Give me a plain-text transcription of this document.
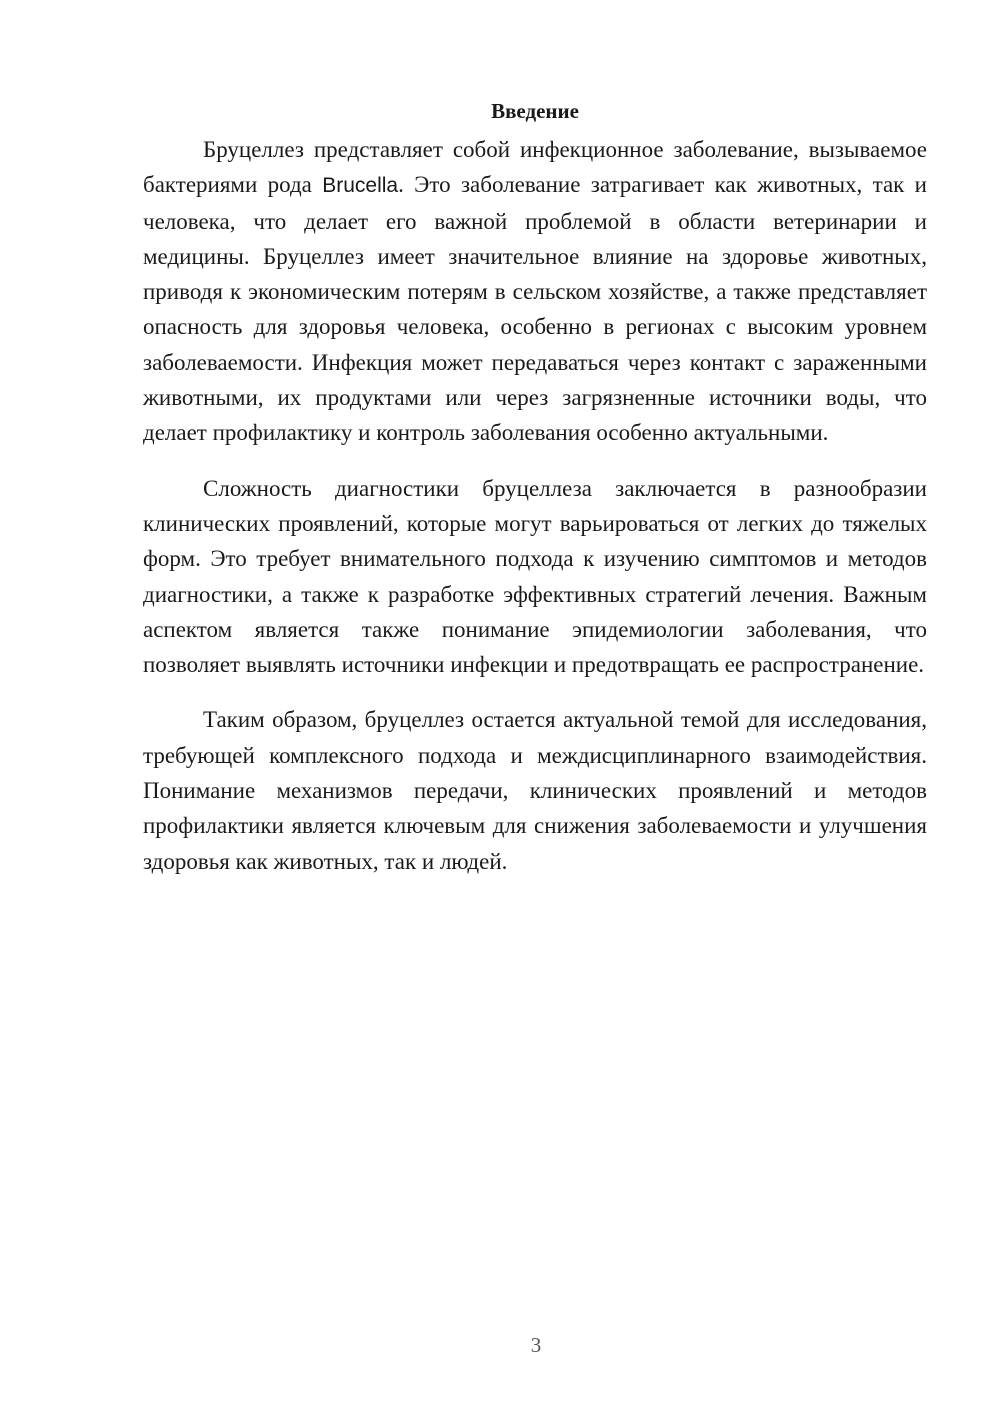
Введение

Бруцеллез представляет собой инфекционное заболевание, вызываемое бактериями рода Brucella. Это заболевание затрагивает как животных, так и человека, что делает его важной проблемой в области ветеринарии и медицины. Бруцеллез имеет значительное влияние на здоровье животных, приводя к экономическим потерям в сельском хозяйстве, а также представляет опасность для здоровья человека, особенно в регионах с высоким уровнем заболеваемости. Инфекция может передаваться через контакт с зараженными животными, их продуктами или через загрязненные источники воды, что делает профилактику и контроль заболевания особенно актуальными.

Сложность диагностики бруцеллеза заключается в разнообразии клинических проявлений, которые могут варьироваться от легких до тяжелых форм. Это требует внимательного подхода к изучению симптомов и методов диагностики, а также к разработке эффективных стратегий лечения. Важным аспектом является также понимание эпидемиологии заболевания, что позволяет выявлять источники инфекции и предотвращать ее распространение.

Таким образом, бруцеллез остается актуальной темой для исследования, требующей комплексного подхода и междисциплинарного взаимодействия. Понимание механизмов передачи, клинических проявлений и методов профилактики является ключевым для снижения заболеваемости и улучшения здоровья как животных, так и людей.

3
